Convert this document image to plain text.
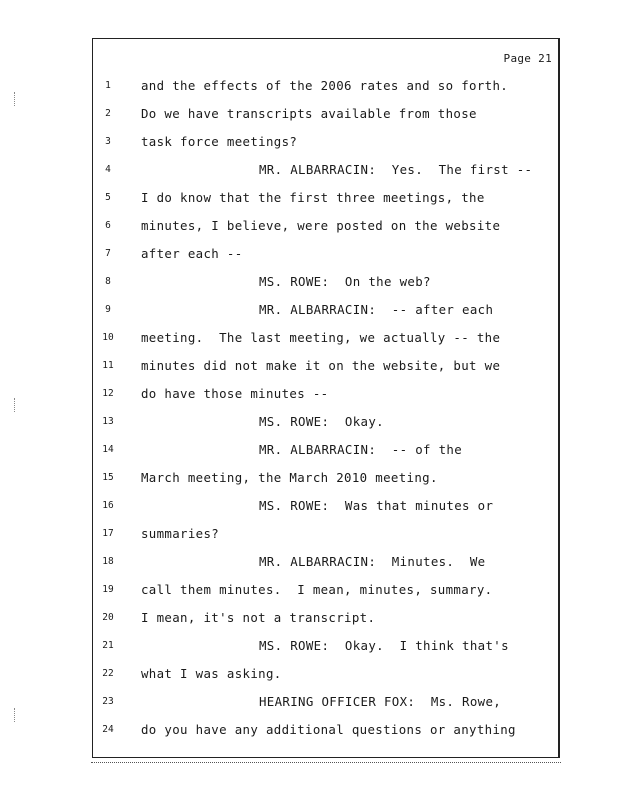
Page 21
1	and the effects of the 2006 rates and so forth.
2	Do we have transcripts available from those
3	task force meetings?
4	MR. ALBARRACIN:  Yes.  The first --
5	I do know that the first three meetings, the
6	minutes, I believe, were posted on the website
7	after each --
8	MS. ROWE:  On the web?
9	MR. ALBARRACIN:  -- after each
10	meeting.  The last meeting, we actually -- the
11	minutes did not make it on the website, but we
12	do have those minutes --
13	MS. ROWE:  Okay.
14	MR. ALBARRACIN:  -- of the
15	March meeting, the March 2010 meeting.
16	MS. ROWE:  Was that minutes or
17	summaries?
18	MR. ALBARRACIN:  Minutes.  We
19	call them minutes.  I mean, minutes, summary.
20	I mean, it's not a transcript.
21	MS. ROWE:  Okay.  I think that's
22	what I was asking.
23	HEARING OFFICER FOX:  Ms. Rowe,
24	do you have any additional questions or anything
